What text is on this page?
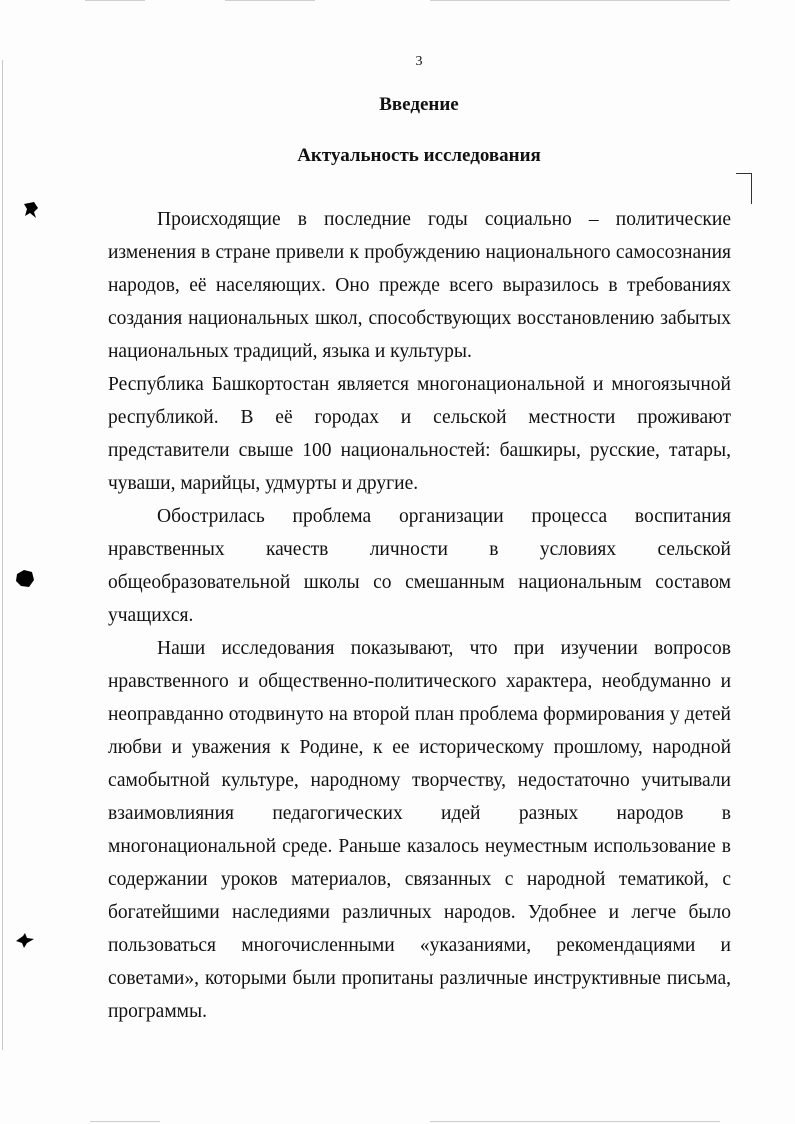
3
Введение
Актуальность исследования

Происходящие в последние годы социально – политические изменения в стране привели к пробуждению национального самосознания народов, её населяющих. Оно прежде всего выразилось в требованиях создания национальных школ, способствующих восстановлению забытых национальных традиций, языка и культуры.

Республика Башкортостан является многонациональной и многоязычной республикой. В её городах и сельской местности проживают представители свыше 100 национальностей: башкиры, русские, татары, чуваши, марийцы, удмурты и другие.

Обострилась проблема организации процесса воспитания нравственных качеств личности в условиях сельской общеобразовательной школы со смешанным национальным составом учащихся.

Наши исследования показывают, что при изучении вопросов нравственного и общественно-политического характера, необдуманно и неоправданно отодвинуто на второй план проблема формирования у детей любви и уважения к Родине, к ее историческому прошлому, народной самобытной культуре, народному творчеству, недостаточно учитывали взаимовлияния педагогических идей разных народов в многонациональной среде. Раньше казалось неуместным использование в содержании уроков материалов, связанных с народной тематикой, с богатейшими наследиями различных народов. Удобнее и легче было пользоваться многочисленными «указаниями, рекомендациями и советами», которыми были пропитаны различные инструктивные письма, программы.
